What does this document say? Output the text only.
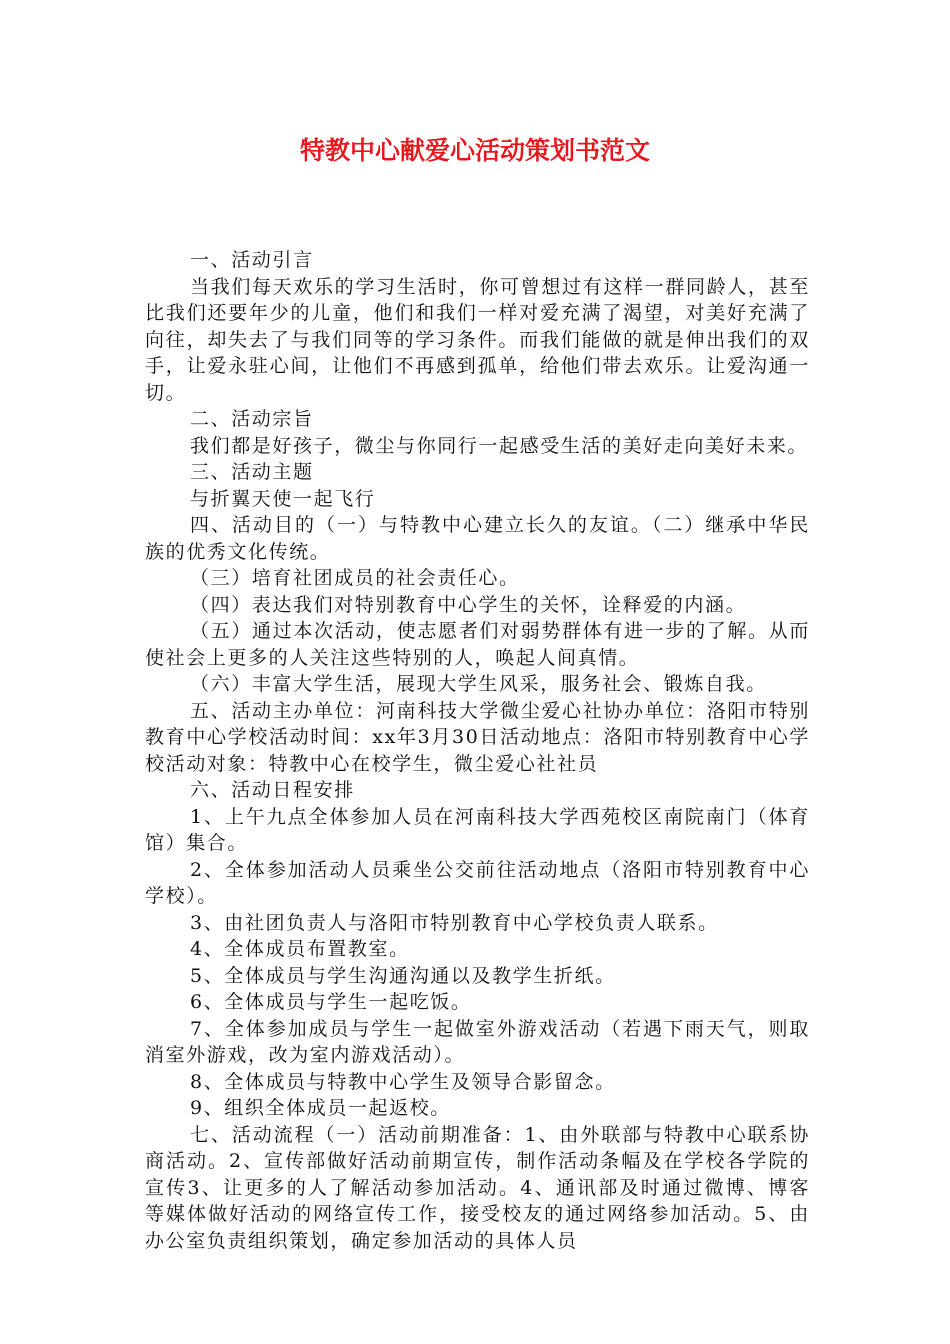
特教中心献爱心活动策划书范文

一、活动引言

当我们每天欢乐的学习生活时，你可曾想过有这样一群同龄人，甚至比我们还要年少的儿童，他们和我们一样对爱充满了渴望，对美好充满了向往，却失去了与我们同等的学习条件。而我们能做的就是伸出我们的双手，让爱永驻心间，让他们不再感到孤单，给他们带去欢乐。让爱沟通一切。

二、活动宗旨

我们都是好孩子，微尘与你同行一起感受生活的美好走向美好未来。

三、活动主题

与折翼天使一起飞行

四、活动目的（一）与特教中心建立长久的友谊。（二）继承中华民族的优秀文化传统。

（三）培育社团成员的社会责任心。

（四）表达我们对特别教育中心学生的关怀，诠释爱的内涵。

（五）通过本次活动，使志愿者们对弱势群体有进一步的了解。从而使社会上更多的人关注这些特别的人，唤起人间真情。

（六）丰富大学生活，展现大学生风采，服务社会、锻炼自我。

五、活动主办单位：河南科技大学微尘爱心社协办单位：洛阳市特别教育中心学校活动时间：xx年3月30日活动地点：洛阳市特别教育中心学校活动对象：特教中心在校学生，微尘爱心社社员

六、活动日程安排

1、上午九点全体参加人员在河南科技大学西苑校区南院南门（体育馆）集合。

2、全体参加活动人员乘坐公交前往活动地点（洛阳市特别教育中心学校）。

3、由社团负责人与洛阳市特别教育中心学校负责人联系。

4、全体成员布置教室。

5、全体成员与学生沟通沟通以及教学生折纸。

6、全体成员与学生一起吃饭。

7、全体参加成员与学生一起做室外游戏活动（若遇下雨天气，则取消室外游戏，改为室内游戏活动）。

8、全体成员与特教中心学生及领导合影留念。

9、组织全体成员一起返校。

七、活动流程（一）活动前期准备：1、由外联部与特教中心联系协商活动。2、宣传部做好活动前期宣传，制作活动条幅及在学校各学院的宣传3、让更多的人了解活动参加活动。4、通讯部及时通过微博、博客等媒体做好活动的网络宣传工作，接受校友的通过网络参加活动。5、由办公室负责组织策划，确定参加活动的具体人员
